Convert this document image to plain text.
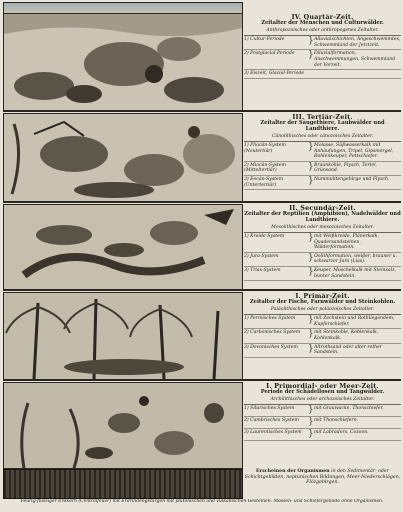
IV. Quartär-Zeit.
Zeitalter der Menschen und Culturwälder.
Anthropozoisches oder anthropogenes Zeitalter.
1) Cultur-Periode	} Alluvialschichten, Angeschwemmtes, Schwemmland der Jetztzeit.
2) Postglacial-Periode	} Diluvialformation, Anschwemmungen, Schwemmland der Vorzeit.
3) Eiszeit, Glacial-Periode
III. Tertiär-Zeit.
Zeitalter der Säugethiere, Laubwälder und Landthiere.
Cänolithisches oder cänozoisches Zeitalter.
1) Pliocän-System (Neutertiär)	} Molasse, Süßwasserkalk mit Anhäufungen, Tripel, Gipsmergel, Rohlenkeuper, Pettschiefer.
2) Miocän-System (Mitteltertiär)	} Braunkohle, Flysch, Tertel, Grünsand.
3) Eocän-System (Untertertiär)	} Nummulitengebirge und Flysch.
II. Secundär-Zeit.
Zeitalter der Reptilien (Amphibien), Nadelwälder und Landthiere.
Mesolithisches oder mesozoisches Zeitalter.
1) Kreide-System	} mit Weißkreide, Plänerkalk, Quadersandsteinen, Wälderformation.
2) Jura-System	} Oolithformation, weißer, brauner u. schwarzer Jura (Lias).
3) Trias-System	} Keuper, Muschelkalk mit Steinsalz, bunter Sandstein.
I. Primär-Zeit.
Zeitalter der Fische, Farnwälder und Steinkohlen.
Paläolithisches oder paläozoisches Zeitalter.
1) Permisches System	} mit Zechstein und Rothliegendem, Kupferschiefer.
2) Carbonisches System } mit Steinkohle, Kohlenkalk, Kohlenkalk.
3) Devonisches System	} Altrothsand oder alter rother Sandstein.
I. Primordial- oder Meer-Zeit.
Periode der Schädellosen und Tangwälder.
Archilithisches oder archozoisches Zeitalter.
1) Silurisches System	} mit Grauwacke, Thonschiefer.
2) Cambrisches System	} mit Thonschiefern.
3) Laurentisches System } mit Labradors, Cozoon.
Erscheinen der Organismen in den Sedimentär- oder Schichtgebilden, neptunischen Bildungen, Meer-Niederschlägen, Flözgebirgen.
Feurig-flüssiger Erdkern (Centralfeuer) mit Erdrindengebirgen mit plutonischen und vulkanischen Gesteinen. Massen- und Schiefergebilde ohne Organismen.
